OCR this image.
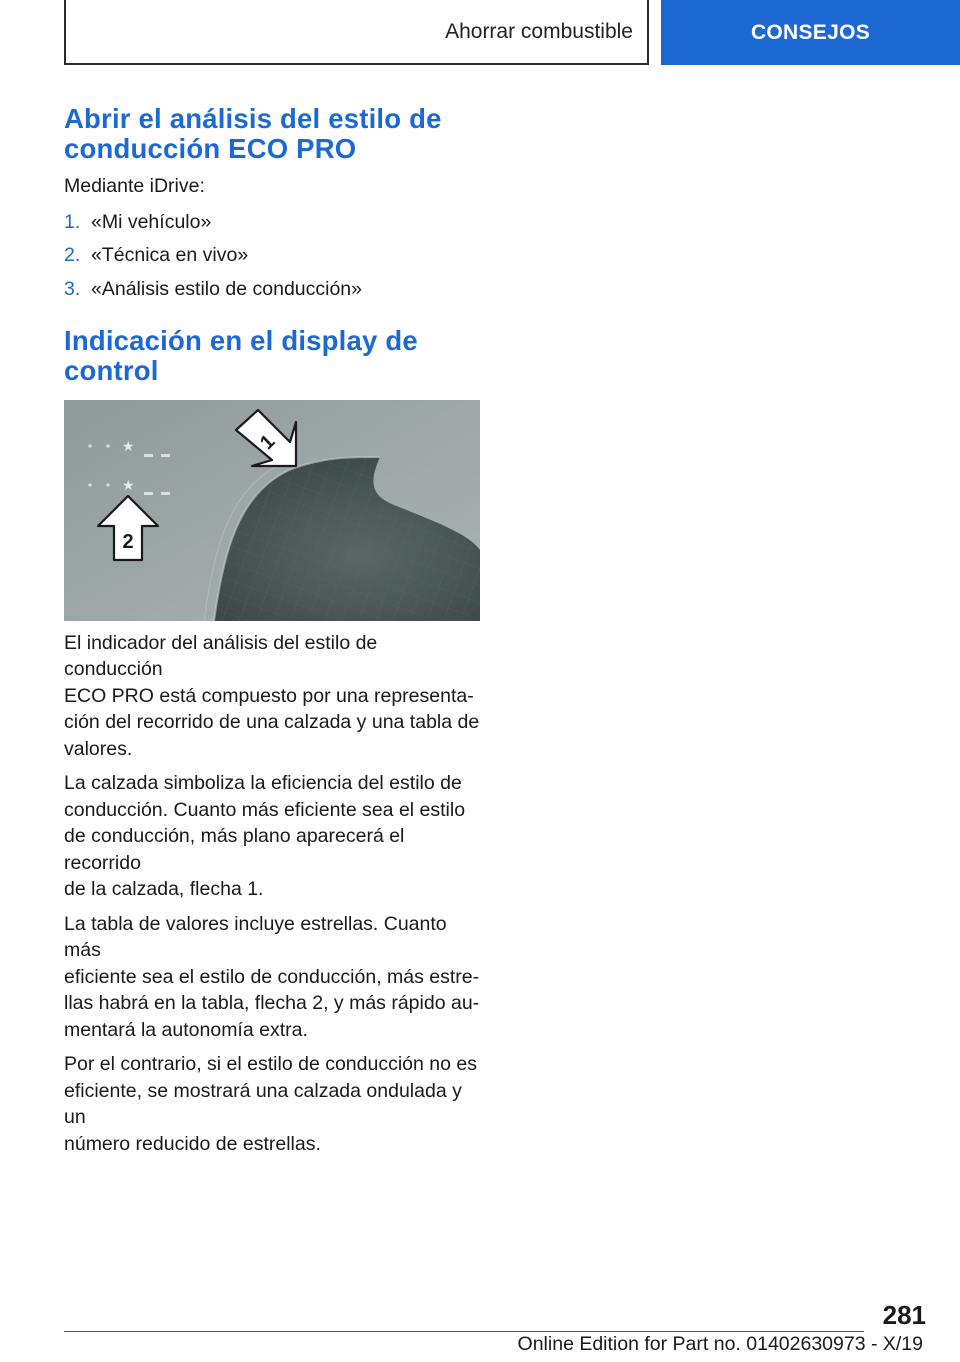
Ahorrar combustible	CONSEJOS
Abrir el análisis del estilo de
conducción ECO PRO
Mediante iDrive:
1. «Mi vehículo»
2. «Técnica en vivo»
3. «Análisis estilo de conducción»
Indicación en el display de
control
★
★
1
2
El indicador del análisis del estilo de conducción
ECO PRO está compuesto por una representa‐
ción del recorrido de una calzada y una tabla de
valores.
La calzada simboliza la eficiencia del estilo de
conducción. Cuanto más eficiente sea el estilo
de conducción, más plano aparecerá el recorrido
de la calzada, flecha 1.
La tabla de valores incluye estrellas. Cuanto más
eficiente sea el estilo de conducción, más estre‐
llas habrá en la tabla, flecha 2, y más rápido au‐
mentará la autonomía extra.
Por el contrario, si el estilo de conducción no es
eficiente, se mostrará una calzada ondulada y un
número reducido de estrellas.
281
Online Edition for Part no. 01402630973 - X/19
